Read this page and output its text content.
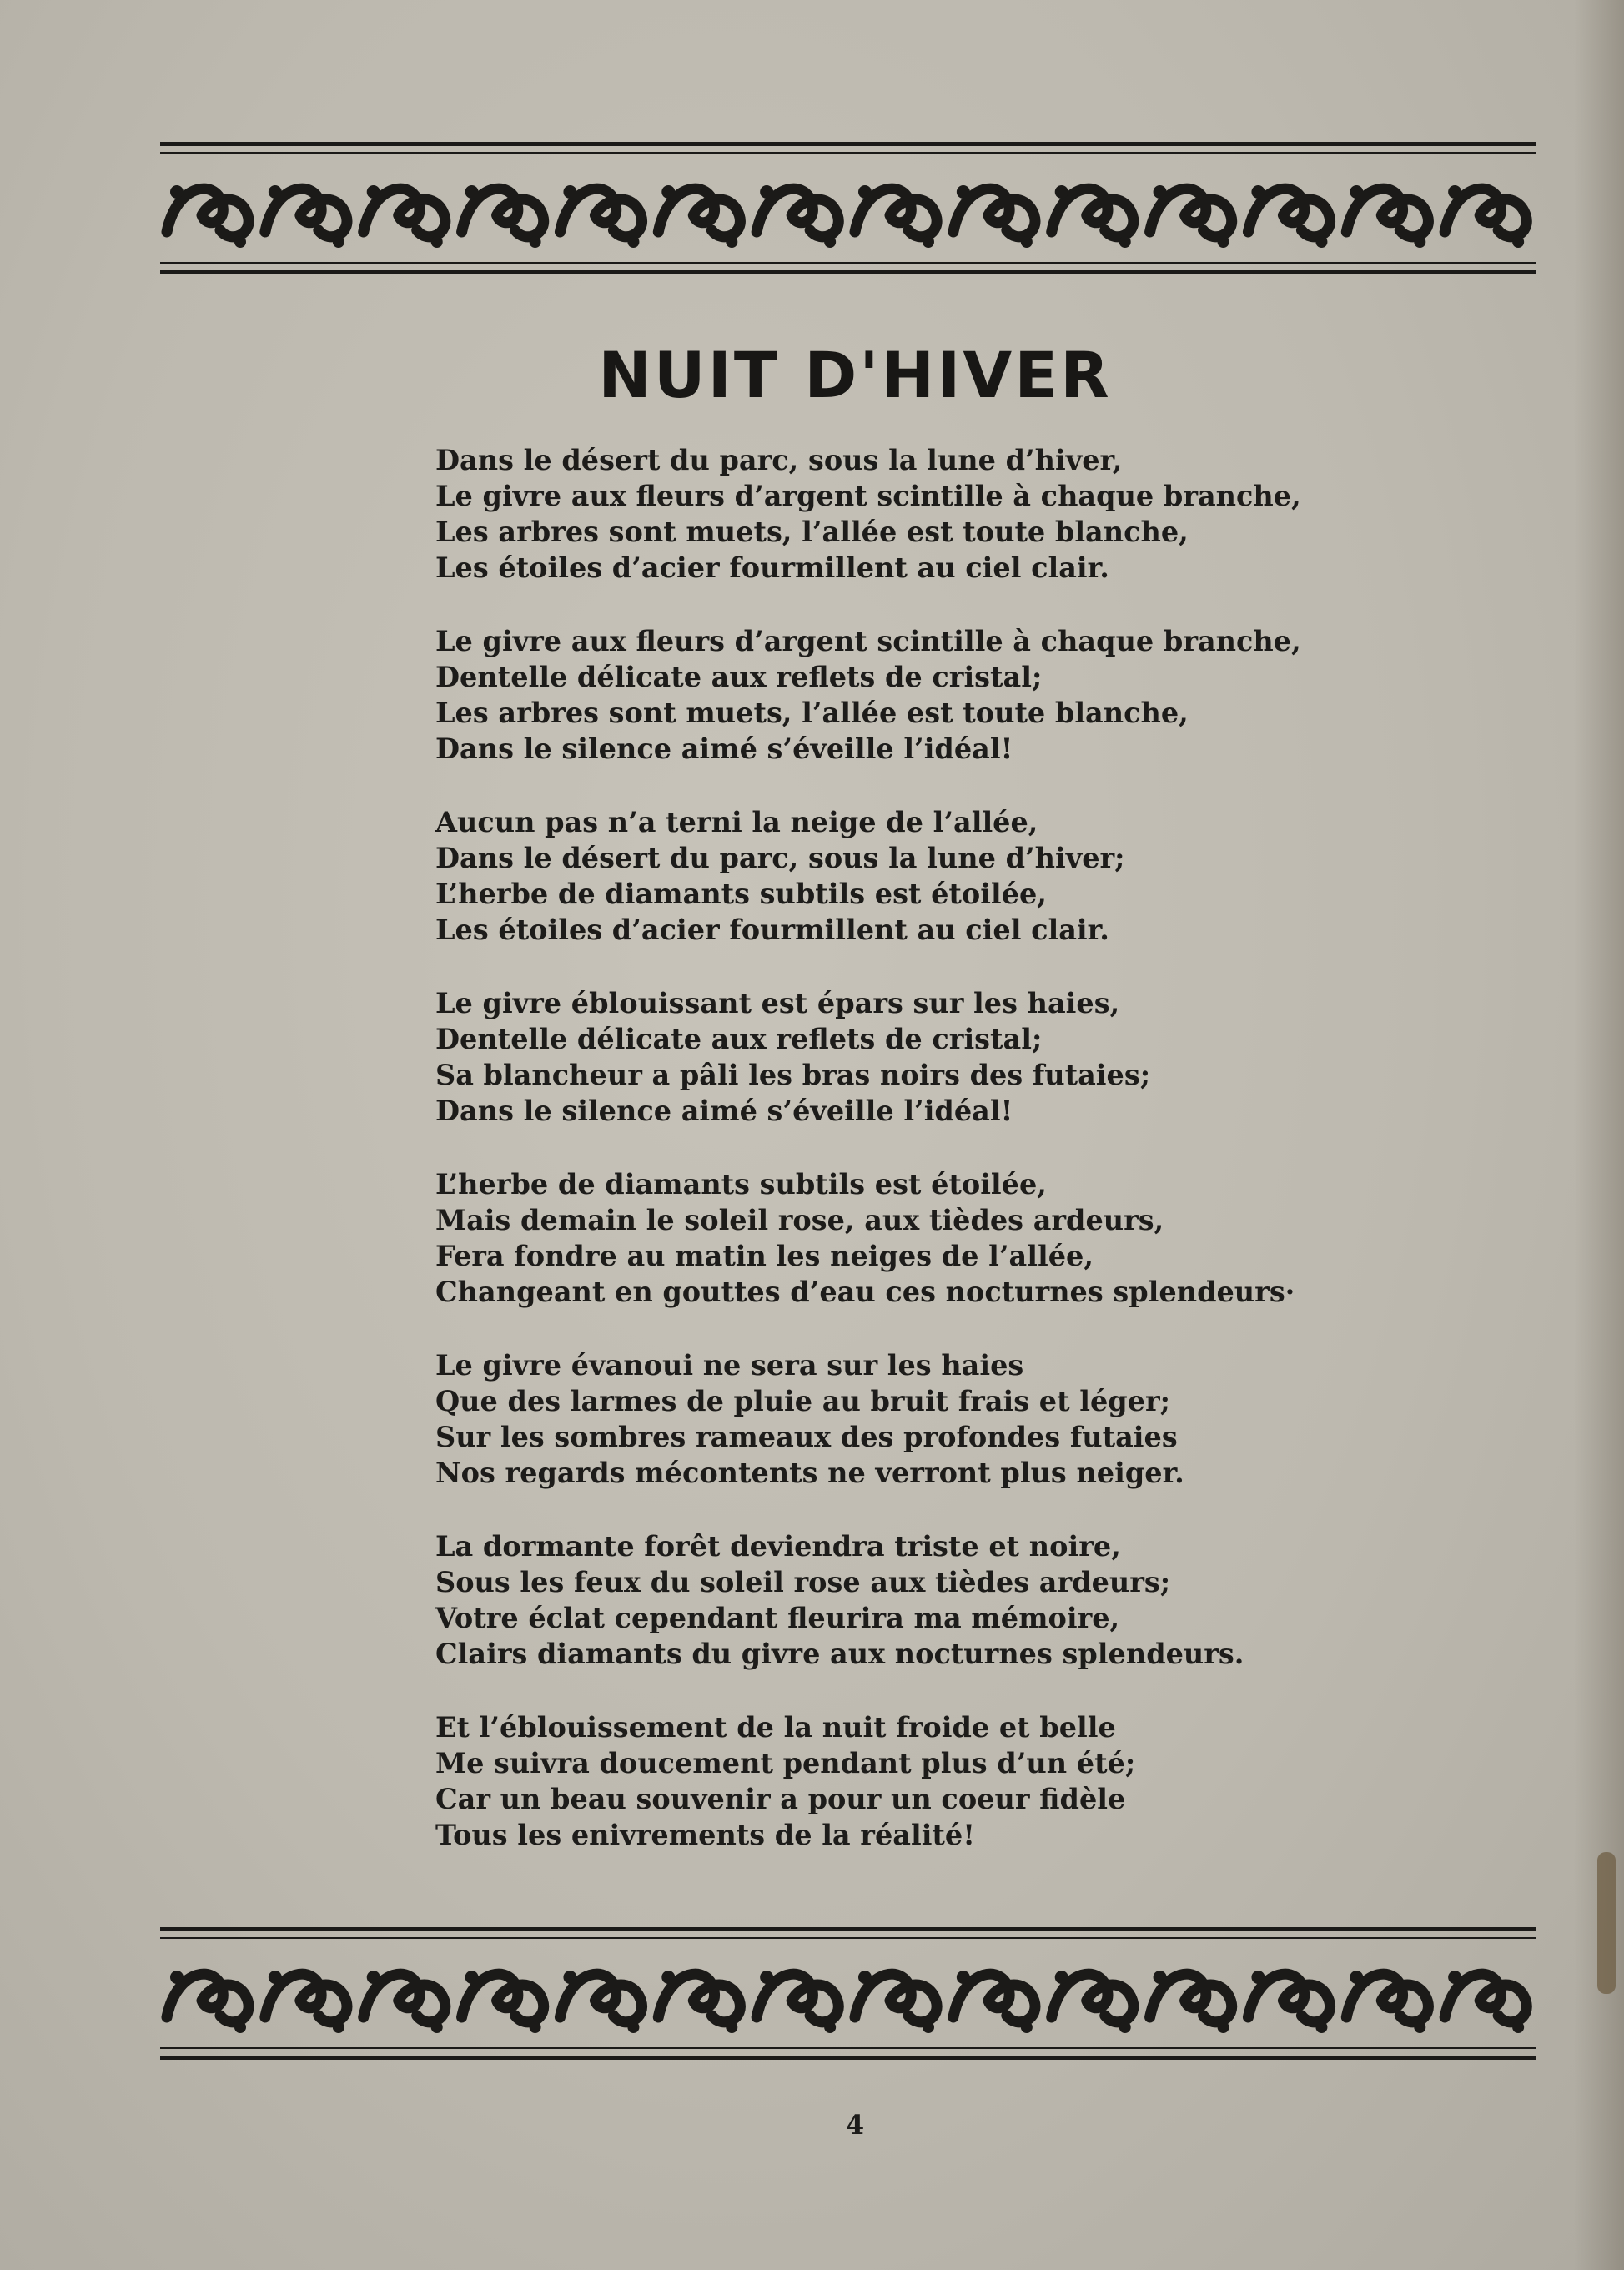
NUIT D'HIVER
Dans le désert du parc, sous la lune d’hiver,
Le givre aux fleurs d’argent scintille à chaque branche,
Les arbres sont muets, l’allée est toute blanche,
Les étoiles d’acier fourmillent au ciel clair.
Le givre aux fleurs d’argent scintille à chaque branche,
Dentelle délicate aux reflets de cristal;
Les arbres sont muets, l’allée est toute blanche,
Dans le silence aimé s’éveille l’idéal!
Aucun pas n’a terni la neige de l’allée,
Dans le désert du parc, sous la lune d’hiver;
L’herbe de diamants subtils est étoilée,
Les étoiles d’acier fourmillent au ciel clair.
Le givre éblouissant est épars sur les haies,
Dentelle délicate aux reflets de cristal;
Sa blancheur a pâli les bras noirs des futaies;
Dans le silence aimé s’éveille l’idéal!
L’herbe de diamants subtils est étoilée,
Mais demain le soleil rose, aux tièdes ardeurs,
Fera fondre au matin les neiges de l’allée,
Changeant en gouttes d’eau ces nocturnes splendeurs·
Le givre évanoui ne sera sur les haies
Que des larmes de pluie au bruit frais et léger;
Sur les sombres rameaux des profondes futaies
Nos regards mécontents ne verront plus neiger.
La dormante forêt deviendra triste et noire,
Sous les feux du soleil rose aux tièdes ardeurs;
Votre éclat cependant fleurira ma mémoire,
Clairs diamants du givre aux nocturnes splendeurs.
Et l’éblouissement de la nuit froide et belle
Me suivra doucement pendant plus d’un été;
Car un beau souvenir a pour un coeur fidèle
Tous les enivrements de la réalité!
4
